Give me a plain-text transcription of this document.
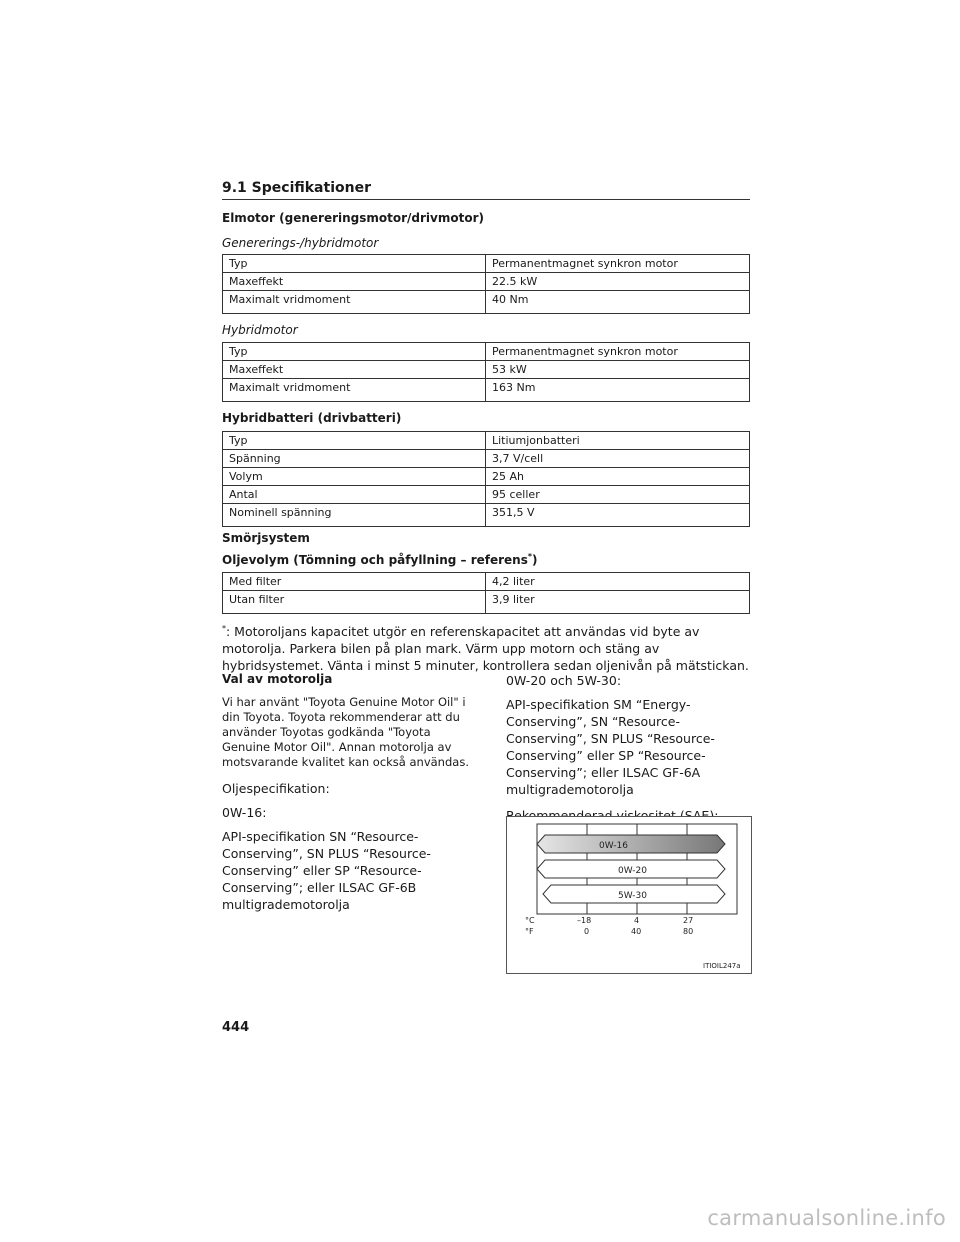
9.1 Specifikationer
Elmotor (genereringsmotor/drivmotor)
Genererings-/hybridmotor
Typ	Permanentmagnet synkron motor
Maxeffekt	22.5 kW
Maximalt vridmoment	40 Nm
Hybridmotor
Typ	Permanentmagnet synkron motor
Maxeffekt	53 kW
Maximalt vridmoment	163 Nm
Hybridbatteri (drivbatteri)
Typ	Litiumjonbatteri
Spänning	3,7 V/cell
Volym	25 Ah
Antal	95 celler
Nominell spänning	351,5 V
Smörjsystem
Oljevolym (Tömning och påfyllning – referens*)
Med filter	4,2 liter
Utan filter	3,9 liter
*: Motoroljans kapacitet utgör en referenskapacitet att användas vid byte av motorolja. Parkera bilen på plan mark. Värm upp motorn och stäng av hybridsystemet. Vänta i minst 5 minuter, kontrollera sedan oljenivån på mätstickan.

Val av motorolja

Vi har använt "Toyota Genuine Motor Oil" i din Toyota. Toyota rekommenderar att du använder Toyotas godkända "Toyota Genuine Motor Oil". Annan motorolja av motsvarande kvalitet kan också användas.

Oljespecifikation:

0W-16:

API-specifikation SN “Resource-Conserving”, SN PLUS “Resource-Conserving” eller SP “Resource-Conserving”; eller ILSAC GF-6B multigrademotorolja

0W-20 och 5W-30:

API-specifikation SM “Energy-Conserving”, SN “Resource-Conserving”, SN PLUS “Resource-Conserving” eller SP “Resource-Conserving”; eller ILSAC GF-6A multigrademotorolja

0W-16
0W-20
5W-30
°C
°F
–18	4	27
0	40	80
ITIOIL247a
444
carmanualsonline.info
